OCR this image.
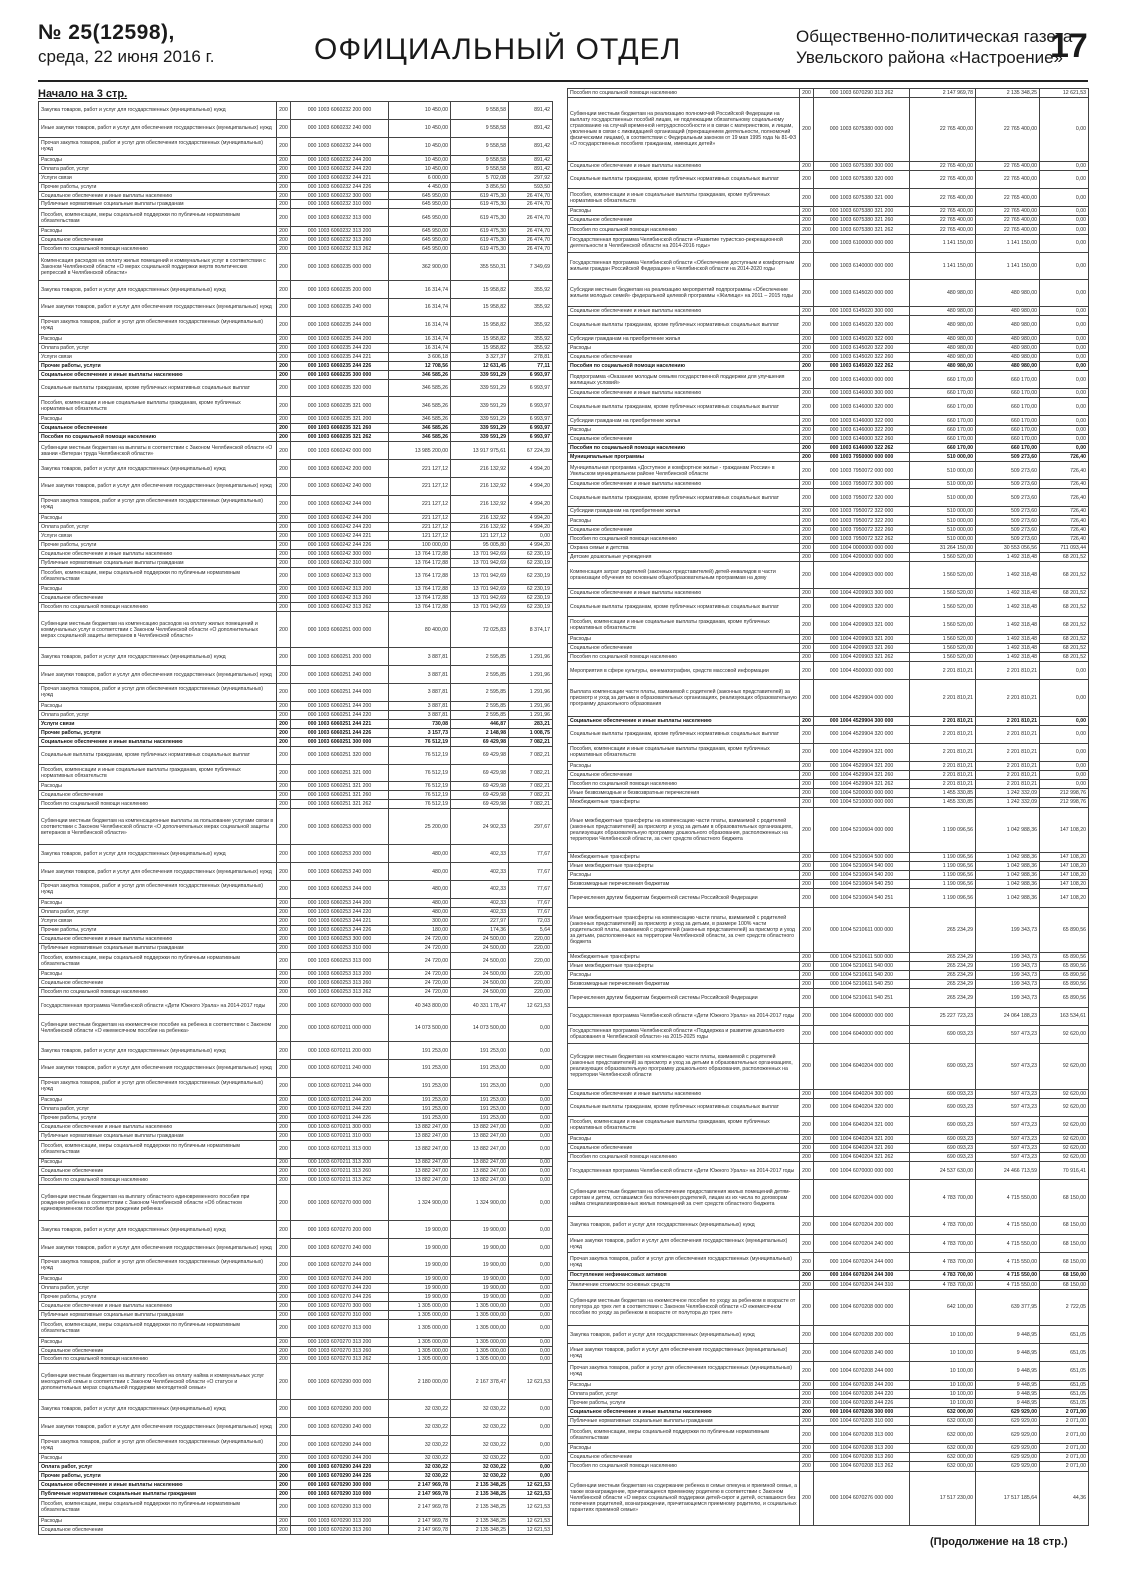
№ 25(12598),
среда, 22 июня 2016 г.	ОФИЦИАЛЬНЫЙ ОТДЕЛ	Общественно-политическая газета
Увельского района «Настроение»
17
Начало на 3 стр.
Закупка товаров, работ и услуг для государственных (муниципальных) нужд	200	000 1003 6060232 200 000	10 450,00	9 558,58	891,42
Иные закупки товаров, работ и услуг для обеспечения государственных (муниципальных) нужд	200	000 1003 6060232 240 000	10 450,00	9 558,58	891,42
Прочая закупка товаров, работ и услуг для обеспечения государственных (муниципальных) нужд	200	000 1003 6060232 244 000	10 450,00	9 558,58	891,42
Расходы	200	000 1003 6060232 244 200	10 450,00	9 558,58	891,42
Оплата работ, услуг	200	000 1003 6060232 244 220	10 450,00	9 558,58	891,42
Услуги связи	200	000 1003 6060232 244 221	6 000,00	5 702,08	297,92
Прочие работы, услуги	200	000 1003 6060232 244 226	4 450,00	3 856,50	593,50
Социальное обеспечение и иные выплаты населению	200	000 1003 6060232 300 000	645 950,00	619 475,30	26 474,70
Публичные нормативные социальные выплаты гражданам	200	000 1003 6060232 310 000	645 950,00	619 475,30	26 474,70
Пособия, компенсации, меры социальной поддержки по публичным нормативным обязательствам	200	000 1003 6060232 313 000	645 950,00	619 475,30	26 474,70
Расходы	200	000 1003 6060232 313 200	645 950,00	619 475,30	26 474,70
Социальное обеспечение	200	000 1003 6060232 313 260	645 950,00	619 475,30	26 474,70
Пособия по социальной помощи населению	200	000 1003 6060232 313 262	645 950,00	619 475,30	26 474,70
Компенсация расходов на оплату жилых помещений и коммунальных услуг в соответствии с Законом Челябинской области «О мерах социальной поддержки жертв политических репрессий в Челябинской области»	200	000 1003 6060235 000 000	362 900,00	355 550,31	7 349,69
Закупка товаров, работ и услуг для государственных (муниципальных) нужд	200	000 1003 6060235 200 000	16 314,74	15 958,82	355,92
Иные закупки товаров, работ и услуг для обеспечения государственных (муниципальных) нужд	200	000 1003 6060235 240 000	16 314,74	15 958,82	355,92
Прочая закупка товаров, работ и услуг для обеспечения государственных (муниципальных) нужд	200	000 1003 6060235 244 000	16 314,74	15 958,82	355,92
Расходы	200	000 1003 6060235 244 200	16 314,74	15 958,82	355,92
Оплата работ, услуг	200	000 1003 6060235 244 220	16 314,74	15 958,82	355,92
Услуги связи	200	000 1003 6060235 244 221	3 606,18	3 327,37	278,81
Прочие работы, услуги	200	000 1003 6060235 244 226	12 708,56	12 631,45	77,11
Социальное обеспечение и иные выплаты населению	200	000 1003 6060235 300 000	346 585,26	339 591,29	6 993,97
Социальные выплаты гражданам, кроме публичных нормативных социальных выплат	200	000 1003 6060235 320 000	346 585,26	339 591,29	6 993,97
Пособия, компенсации и иные социальные выплаты гражданам, кроме публичных нормативных обязательств	200	000 1003 6060235 321 000	346 585,26	339 591,29	6 993,97
Расходы	200	000 1003 6060235 321 200	346 585,26	339 591,29	6 993,97
Социальное обеспечение	200	000 1003 6060235 321 260	346 585,26	339 591,29	6 993,97
Пособия по социальной помощи населению	200	000 1003 6060235 321 262	346 585,26	339 591,29	6 993,97
Субвенции местным бюджетам на выплаты в соответствии с Законом Челябинской области «О звании «Ветеран труда Челябинской области»	200	000 1003 6060242 000 000	13 985 200,00	13 917 975,61	67 224,39
Закупка товаров, работ и услуг для государственных (муниципальных) нужд	200	000 1003 6060242 200 000	221 127,12	216 132,92	4 994,20
Иные закупки товаров, работ и услуг для обеспечения государственных (муниципальных) нужд	200	000 1003 6060242 240 000	221 127,12	216 132,92	4 994,20
Прочая закупка товаров, работ и услуг для обеспечения государственных (муниципальных) нужд	200	000 1003 6060242 244 000	221 127,12	216 132,92	4 994,20
Расходы	200	000 1003 6060242 244 200	221 127,12	216 132,92	4 994,20
Оплата работ, услуг	200	000 1003 6060242 244 220	221 127,12	216 132,92	4 994,20
Услуги связи	200	000 1003 6060242 244 221	121 127,12	121 127,12	0,00
Прочие работы, услуги	200	000 1003 6060242 244 226	100 000,00	95 005,80	4 994,20
Социальное обеспечение и иные выплаты населению	200	000 1003 6060242 300 000	13 764 172,88	13 701 942,69	62 230,19
Публичные нормативные социальные выплаты гражданам	200	000 1003 6060242 310 000	13 764 172,88	13 701 942,69	62 230,19
Пособия, компенсации, меры социальной поддержки по публичным нормативным обязательствам	200	000 1003 6060242 313 000	13 764 172,88	13 701 942,69	62 230,19
Расходы	200	000 1003 6060242 313 200	13 764 172,88	13 701 942,69	62 230,19
Социальное обеспечение	200	000 1003 6060242 313 260	13 764 172,88	13 701 942,69	62 230,19
Пособия по социальной помощи населению	200	000 1003 6060242 313 262	13 764 172,88	13 701 942,69	62 230,19
Субвенции местным бюджетам на компенсацию расходов на оплату жилых помещений и коммунальных услуг в соответствии с Законом Челябинской области «О дополнительных мерах социальной защиты ветеранов в Челябинской области»	200	000 1003 6060251 000 000	80 400,00	72 025,83	8 374,17
Закупка товаров, работ и услуг для государственных (муниципальных) нужд	200	000 1003 6060251 200 000	3 887,81	2 595,85	1 291,96
Иные закупки товаров, работ и услуг для обеспечения государственных (муниципальных) нужд	200	000 1003 6060251 240 000	3 887,81	2 595,85	1 291,96
Прочая закупка товаров, работ и услуг для обеспечения государственных (муниципальных) нужд	200	000 1003 6060251 244 000	3 887,81	2 595,85	1 291,96
Расходы	200	000 1003 6060251 244 200	3 887,81	2 595,85	1 291,96
Оплата работ, услуг	200	000 1003 6060251 244 220	3 887,81	2 595,85	1 291,96
Услуги связи	200	000 1003 6060251 244 221	730,08	446,87	283,21
Прочие работы, услуги	200	000 1003 6060251 244 226	3 157,73	2 148,98	1 008,75
Социальное обеспечение и иные выплаты населению	200	000 1003 6060251 300 000	76 512,19	69 429,98	7 082,21
Социальные выплаты гражданам, кроме публичных нормативных социальных выплат	200	000 1003 6060251 320 000	76 512,19	69 429,98	7 082,21
Пособия, компенсации и иные социальные выплаты гражданам, кроме публичных нормативных обязательств	200	000 1003 6060251 321 000	76 512,19	69 429,98	7 082,21
Расходы	200	000 1003 6060251 321 200	76 512,19	69 429,98	7 082,21
Социальное обеспечение	200	000 1003 6060251 321 260	76 512,19	69 429,98	7 082,21
Пособия по социальной помощи населению	200	000 1003 6060251 321 262	76 512,19	69 429,98	7 082,21
Субвенции местным бюджетам на компенсационные выплаты за пользование услугами связи в соответствии с Законом Челябинской области «О дополнительных мерах социальной защиты ветеранов в Челябинской области»	200	000 1003 6060253 000 000	25 200,00	24 902,33	297,67
Закупка товаров, работ и услуг для государственных (муниципальных) нужд	200	000 1003 6060253 200 000	480,00	402,33	77,67
Иные закупки товаров, работ и услуг для обеспечения государственных (муниципальных) нужд	200	000 1003 6060253 240 000	480,00	402,33	77,67
Прочая закупка товаров, работ и услуг для обеспечения государственных (муниципальных) нужд	200	000 1003 6060253 244 000	480,00	402,33	77,67
Расходы	200	000 1003 6060253 244 200	480,00	402,33	77,67
Оплата работ, услуг	200	000 1003 6060253 244 220	480,00	402,33	77,67
Услуги связи	200	000 1003 6060253 244 221	300,00	227,97	72,03
Прочие работы, услуги	200	000 1003 6060253 244 226	180,00	174,36	5,64
Социальное обеспечение и иные выплаты населению	200	000 1003 6060253 300 000	24 720,00	24 500,00	220,00
Публичные нормативные социальные выплаты гражданам	200	000 1003 6060253 310 000	24 720,00	24 500,00	220,00
Пособия, компенсации, меры социальной поддержки по публичным нормативным обязательствам	200	000 1003 6060253 313 000	24 720,00	24 500,00	220,00
Расходы	200	000 1003 6060253 313 200	24 720,00	24 500,00	220,00
Социальное обеспечение	200	000 1003 6060253 313 260	24 720,00	24 500,00	220,00
Пособия по социальной помощи населению	200	000 1003 6060253 313 262	24 720,00	24 500,00	220,00
Государственная программа Челябинской области «Дети Южного Урала» на 2014-2017 годы	200	000 1003 6070000 000 000	40 343 800,00	40 331 178,47	12 621,53
Субвенции местным бюджетам на ежемесячное пособие на ребенка в соответствии с Законом Челябинской области «О ежемесячном пособии на ребенка»	200	000 1003 6070211 000 000	14 073 500,00	14 073 500,00	0,00
Закупка товаров, работ и услуг для государственных (муниципальных) нужд	200	000 1003 6070211 200 000	191 253,00	191 253,00	0,00
Иные закупки товаров, работ и услуг для обеспечения государственных (муниципальных) нужд	200	000 1003 6070211 240 000	191 253,00	191 253,00	0,00
Прочая закупка товаров, работ и услуг для обеспечения государственных (муниципальных) нужд	200	000 1003 6070211 244 000	191 253,00	191 253,00	0,00
Расходы	200	000 1003 6070211 244 200	191 253,00	191 253,00	0,00
Оплата работ, услуг	200	000 1003 6070211 244 220	191 253,00	191 253,00	0,00
Прочие работы, услуги	200	000 1003 6070211 244 226	191 253,00	191 253,00	0,00
Социальное обеспечение и иные выплаты населению	200	000 1003 6070211 300 000	13 882 247,00	13 882 247,00	0,00
Публичные нормативные социальные выплаты гражданам	200	000 1003 6070211 310 000	13 882 247,00	13 882 247,00	0,00
Пособия, компенсации, меры социальной поддержки по публичным нормативным обязательствам	200	000 1003 6070211 313 000	13 882 247,00	13 882 247,00	0,00
Расходы	200	000 1003 6070211 313 200	13 882 247,00	13 882 247,00	0,00
Социальное обеспечение	200	000 1003 6070211 313 260	13 882 247,00	13 882 247,00	0,00
Пособия по социальной помощи населению	200	000 1003 6070211 313 262	13 882 247,00	13 882 247,00	0,00
Субвенции местным бюджетам на выплату областного единовременного пособия при рождении ребенка в соответствии с Законом Челябинской области «Об областном единовременном пособии при рождении ребенка»	200	000 1003 6070270 000 000	1 324 900,00	1 324 900,00	0,00
Закупка товаров, работ и услуг для государственных (муниципальных) нужд	200	000 1003 6070270 200 000	19 900,00	19 900,00	0,00
Иные закупки товаров, работ и услуг для обеспечения государственных (муниципальных) нужд	200	000 1003 6070270 240 000	19 900,00	19 900,00	0,00
Прочая закупка товаров, работ и услуг для обеспечения государственных (муниципальных) нужд	200	000 1003 6070270 244 000	19 900,00	19 900,00	0,00
Расходы	200	000 1003 6070270 244 200	19 900,00	19 900,00	0,00
Оплата работ, услуг	200	000 1003 6070270 244 220	19 900,00	19 900,00	0,00
Прочие работы, услуги	200	000 1003 6070270 244 226	19 900,00	19 900,00	0,00
Социальное обеспечение и иные выплаты населению	200	000 1003 6070270 300 000	1 305 000,00	1 305 000,00	0,00
Публичные нормативные социальные выплаты гражданам	200	000 1003 6070270 310 000	1 305 000,00	1 305 000,00	0,00
Пособия, компенсации, меры социальной поддержки по публичным нормативным обязательствам	200	000 1003 6070270 313 000	1 305 000,00	1 305 000,00	0,00
Расходы	200	000 1003 6070270 313 200	1 305 000,00	1 305 000,00	0,00
Социальное обеспечение	200	000 1003 6070270 313 260	1 305 000,00	1 305 000,00	0,00
Пособия по социальной помощи населению	200	000 1003 6070270 313 262	1 305 000,00	1 305 000,00	0,00
Субвенции местным бюджетам на выплату пособия на оплату найма и коммунальных услуг многодетной семье в соответствии с Законом Челябинской области «О статусе и дополнительных мерах социальной поддержки многодетной семьи»	200	000 1003 6070290 000 000	2 180 000,00	2 167 378,47	12 621,53
Закупка товаров, работ и услуг для государственных (муниципальных) нужд	200	000 1003 6070290 200 000	32 030,22	32 030,22	0,00
Иные закупки товаров, работ и услуг для обеспечения государственных (муниципальных) нужд	200	000 1003 6070290 240 000	32 030,22	32 030,22	0,00
Прочая закупка товаров, работ и услуг для обеспечения государственных (муниципальных) нужд	200	000 1003 6070290 244 000	32 030,22	32 030,22	0,00
Расходы	200	000 1003 6070290 244 200	32 030,22	32 030,22	0,00
Оплата работ, услуг	200	000 1003 6070290 244 220	32 030,22	32 030,22	0,00
Прочие работы, услуги	200	000 1003 6070290 244 226	32 030,22	32 030,22	0,00
Социальное обеспечение и иные выплаты населению	200	000 1003 6070290 300 000	2 147 969,78	2 135 348,25	12 621,53
Публичные нормативные социальные выплаты гражданам	200	000 1003 6070290 310 000	2 147 969,78	2 135 348,25	12 621,53
Пособия, компенсации, меры социальной поддержки по публичным нормативным обязательствам	200	000 1003 6070290 313 000	2 147 969,78	2 135 348,25	12 621,53
Расходы	200	000 1003 6070290 313 200	2 147 969,78	2 135 348,25	12 621,53
Социальное обеспечение	200	000 1003 6070290 313 260	2 147 969,78	2 135 348,25	12 621,53
Пособия по социальной помощи населению	200	000 1003 6070290 313 262	2 147 969,78	2 135 348,25	12 621,53
Субвенции местным бюджетам на реализацию полномочий Российской Федерации на выплату государственных пособий лицам, не подлежащим обязательному социальному страхованию на случай временной нетрудоспособности и в связи с материнством, и лицам, уволенным в связи с ликвидацией организаций (прекращением деятельности, полномочий физическими лицами), в соответствии с Федеральным законом от 19 мая 1995 года № 81-ФЗ «О государственных пособиях гражданам, имеющих детей»	200	000 1003 6075380 000 000	22 765 400,00	22 765 400,00	0,00
Социальное обеспечение и иные выплаты населению	200	000 1003 6075380 300 000	22 765 400,00	22 765 400,00	0,00
Социальные выплаты гражданам, кроме публичных нормативных социальных выплат	200	000 1003 6075380 320 000	22 765 400,00	22 765 400,00	0,00
Пособия, компенсации и иные социальные выплаты гражданам, кроме публичных нормативных обязательств	200	000 1003 6075380 321 000	22 765 400,00	22 765 400,00	0,00
Расходы	200	000 1003 6075380 321 200	22 765 400,00	22 765 400,00	0,00
Социальное обеспечение	200	000 1003 6075380 321 260	22 765 400,00	22 765 400,00	0,00
Пособия по социальной помощи населению	200	000 1003 6075380 321 262	22 765 400,00	22 765 400,00	0,00
Государственная программа Челябинской области «Развитие туристско-рекреационной деятельности в Челябинской области на 2014-2016 годы»	200	000 1003 6100000 000 000	1 141 150,00	1 141 150,00	0,00
Государственная программа Челябинской области «Обеспечение доступным и комфортным жильем граждан Российской Федерации» в Челябинской области на 2014-2020 годы	200	000 1003 6140000 000 000	1 141 150,00	1 141 150,00	0,00
Субсидии местным бюджетам на реализацию мероприятий подпрограммы «Обеспечение жильем молодых семей» федеральной целевой программы «Жилище» на 2011 – 2015 годы	200	000 1003 6145020 000 000	480 980,00	480 980,00	0,00
Социальное обеспечение и иные выплаты населению	200	000 1003 6145020 300 000	480 980,00	480 980,00	0,00
Социальные выплаты гражданам, кроме публичных нормативных социальных выплат	200	000 1003 6145020 320 000	480 980,00	480 980,00	0,00
Субсидии гражданам на приобретение жилья	200	000 1003 6145020 322 000	480 980,00	480 980,00	0,00
Расходы	200	000 1003 6145020 322 200	480 980,00	480 980,00	0,00
Социальное обеспечение	200	000 1003 6145020 322 260	480 980,00	480 980,00	0,00
Пособия по социальной помощи населению	200	000 1003 6145020 322 262	480 980,00	480 980,00	0,00
Подпрограмма «Оказание молодым семьям государственной поддержки для улучшения жилищных условий»	200	000 1003 6146000 000 000	660 170,00	660 170,00	0,00
Социальное обеспечение и иные выплаты населению	200	000 1003 6146000 300 000	660 170,00	660 170,00	0,00
Социальные выплаты гражданам, кроме публичных нормативных социальных выплат	200	000 1003 6146000 320 000	660 170,00	660 170,00	0,00
Субсидии гражданам на приобретение жилья	200	000 1003 6146000 322 000	660 170,00	660 170,00	0,00
Расходы	200	000 1003 6146000 322 200	660 170,00	660 170,00	0,00
Социальное обеспечение	200	000 1003 6146000 322 260	660 170,00	660 170,00	0,00
Пособия по социальной помощи населению	200	000 1003 6146000 322 262	660 170,00	660 170,00	0,00
Муниципальные программы	200	000 1003 7950000 000 000	510 000,00	509 273,60	726,40
Муниципальная программа «Доступное и комфортное жилье - гражданам России» в Увельском муниципальном районе Челябинской области	200	000 1003 7950072 000 000	510 000,00	509 273,60	726,40
Социальное обеспечение и иные выплаты населению	200	000 1003 7950072 300 000	510 000,00	509 273,60	726,40
Социальные выплаты гражданам, кроме публичных нормативных социальных выплат	200	000 1003 7950072 320 000	510 000,00	509 273,60	726,40
Субсидии гражданам на приобретение жилья	200	000 1003 7950072 322 000	510 000,00	509 273,60	726,40
Расходы	200	000 1003 7950072 322 200	510 000,00	509 273,60	726,40
Социальное обеспечение	200	000 1003 7950072 322 260	510 000,00	509 273,60	726,40
Пособия по социальной помощи населению	200	000 1003 7950072 322 262	510 000,00	509 273,60	726,40
Охрана семьи и детства	200	000 1004 0000000 000 000	31 264 150,00	30 553 056,56	711 093,44
Детские дошкольные учреждения	200	000 1004 4200000 000 000	1 560 520,00	1 492 318,48	68 201,52
Компенсация затрат родителей (законных представителей) детей-инвалидов в части организации обучения по основным общеобразовательным программам на дому	200	000 1004 4209903 000 000	1 560 520,00	1 492 318,48	68 201,52
Социальное обеспечение и иные выплаты населению	200	000 1004 4209903 300 000	1 560 520,00	1 492 318,48	68 201,52
Социальные выплаты гражданам, кроме публичных нормативных социальных выплат	200	000 1004 4209903 320 000	1 560 520,00	1 492 318,48	68 201,52
Пособия, компенсации и иные социальные выплаты гражданам, кроме публичных нормативных обязательств	200	000 1004 4209903 321 000	1 560 520,00	1 492 318,48	68 201,52
Расходы	200	000 1004 4209903 321 200	1 560 520,00	1 492 318,48	68 201,52
Социальное обеспечение	200	000 1004 4209903 321 260	1 560 520,00	1 492 318,48	68 201,52
Пособия по социальной помощи населению	200	000 1004 4209903 321 262	1 560 520,00	1 492 318,48	68 201,52
Мероприятия в сфере культуры, кинематографии, средств массовой информации	200	000 1004 4500000 000 000	2 201 810,21	2 201 810,21	0,00
Выплата компенсации части платы, взимаемой с родителей (законных представителей) за присмотр и уход за детьми в образовательных организациях, реализующих образовательную программу дошкольного образования	200	000 1004 4529904 000 000	2 201 810,21	2 201 810,21	0,00
Социальное обеспечение и иные выплаты населению	200	000 1004 4529904 300 000	2 201 810,21	2 201 810,21	0,00
Социальные выплаты гражданам, кроме публичных нормативных социальных выплат	200	000 1004 4529904 320 000	2 201 810,21	2 201 810,21	0,00
Пособия, компенсации и иные социальные выплаты гражданам, кроме публичных нормативных обязательств	200	000 1004 4529904 321 000	2 201 810,21	2 201 810,21	0,00
Расходы	200	000 1004 4529904 321 200	2 201 810,21	2 201 810,21	0,00
Социальное обеспечение	200	000 1004 4529904 321 260	2 201 810,21	2 201 810,21	0,00
Пособия по социальной помощи населению	200	000 1004 4529904 321 262	2 201 810,21	2 201 810,21	0,00
Иные безвозмездные и безвозвратные перечисления	200	000 1004 5200000 000 000	1 455 330,85	1 242 332,09	212 998,76
Межбюджетные трансферты	200	000 1004 5210000 000 000	1 455 330,85	1 242 332,09	212 998,76
Иные межбюджетные трансферты на компенсацию части платы, взимаемой с родителей (законных представителей) за присмотр и уход за детьми в образовательных организациях, реализующих образовательную программу дошкольного образования, расположенных на территории Челябинской области, за счет средств областного бюджета	200	000 1004 5210604 000 000	1 190 096,56	1 042 988,36	147 108,20
Межбюджетные трансферты	200	000 1004 5210604 500 000	1 190 096,56	1 042 988,36	147 108,20
Иные межбюджетные трансферты	200	000 1004 5210604 540 000	1 190 096,56	1 042 988,36	147 108,20
Расходы	200	000 1004 5210604 540 200	1 190 096,56	1 042 988,36	147 108,20
Безвозмездные перечисления бюджетам	200	000 1004 5210604 540 250	1 190 096,56	1 042 988,36	147 108,20
Перечисления другим бюджетам бюджетной системы Российской Федерации	200	000 1004 5210604 540 251	1 190 096,56	1 042 988,36	147 108,20
Иные межбюджетные трансферты на компенсацию части платы, взимаемой с родителей (законных представителей) за присмотр и уход за детьми, в размере 100% части родительской платы, взимаемой с родителей (законных представителей) за присмотр и уход за детьми, расположенных на территории Челябинской области, за счет средств областного бюджета	200	000 1004 5210611 000 000	265 234,29	199 343,73	65 890,56
Межбюджетные трансферты	200	000 1004 5210611 500 000	265 234,29	199 343,73	65 890,56
Иные межбюджетные трансферты	200	000 1004 5210611 540 000	265 234,29	199 343,73	65 890,56
Расходы	200	000 1004 5210611 540 200	265 234,29	199 343,73	65 890,56
Безвозмездные перечисления бюджетам	200	000 1004 5210611 540 250	265 234,29	199 343,73	65 890,56
Перечисления другим бюджетам бюджетной системы Российской Федерации	200	000 1004 5210611 540 251	265 234,29	199 343,73	65 890,56
Государственная программа Челябинской области «Дети Южного Урала» на 2014-2017 годы	200	000 1004 6000000 000 000	25 227 723,23	24 064 188,23	163 534,61
Государственная программа Челябинской области «Поддержка и развитие дошкольного образования в Челябинской области» на 2015-2025 годы	200	000 1004 6040000 000 000	690 093,23	597 473,23	92 620,00
Субсидии местным бюджетам на компенсацию части платы, взимаемой с родителей (законных представителей) за присмотр и уход за детьми в образовательных организациях, реализующих образовательную программу дошкольного образования, расположенных на территории Челябинской области	200	000 1004 6040204 000 000	690 093,23	597 473,23	92 620,00
Социальное обеспечение и иные выплаты населению	200	000 1004 6040204 300 000	690 093,23	597 473,23	92 620,00
Социальные выплаты гражданам, кроме публичных нормативных социальных выплат	200	000 1004 6040204 320 000	690 093,23	597 473,23	92 620,00
Пособия, компенсации и иные социальные выплаты гражданам, кроме публичных нормативных обязательств	200	000 1004 6040204 321 000	690 093,23	597 473,23	92 620,00
Расходы	200	000 1004 6040204 321 200	690 093,23	597 473,23	92 620,00
Социальное обеспечение	200	000 1004 6040204 321 260	690 093,23	597 473,23	92 620,00
Пособия по социальной помощи населению	200	000 1004 6040204 321 262	690 093,23	597 473,23	92 620,00
Государственная программа Челябинской области «Дети Южного Урала» на 2014-2017 годы	200	000 1004 6070000 000 000	24 537 630,00	24 466 713,59	70 916,41
Субвенции местным бюджетам на обеспечение предоставления жилых помещений детям-сиротам и детям, оставшимся без попечения родителей, лицам из их числа по договорам найма специализированных жилых помещений за счет средств областного бюджета	200	000 1004 6070204 000 000	4 783 700,00	4 715 550,00	68 150,00
Закупка товаров, работ и услуг для государственных (муниципальных) нужд	200	000 1004 6070204 200 000	4 783 700,00	4 715 550,00	68 150,00
Иные закупки товаров, работ и услуг для обеспечения государственных (муниципальных) нужд	200	000 1004 6070204 240 000	4 783 700,00	4 715 550,00	68 150,00
Прочая закупка товаров, работ и услуг для обеспечения государственных (муниципальных) нужд	200	000 1004 6070204 244 000	4 783 700,00	4 715 550,00	68 150,00
Поступление нефинансовых активов	200	000 1004 6070204 244 300	4 783 700,00	4 715 550,00	68 150,00
Увеличение стоимости основных средств	200	000 1004 6070204 244 310	4 783 700,00	4 715 550,00	68 150,00
Субвенции местным бюджетам на ежемесячное пособие по уходу за ребенком в возрасте от полутора до трех лет в соответствии с Законом Челябинской области «О ежемесячном пособии по уходу за ребенком в возрасте от полутора до трех лет»	200	000 1004 6070208 000 000	642 100,00	639 377,95	2 722,05
Закупка товаров, работ и услуг для государственных (муниципальных) нужд	200	000 1004 6070208 200 000	10 100,00	9 448,95	651,05
Иные закупки товаров, работ и услуг для обеспечения государственных (муниципальных) нужд	200	000 1004 6070208 240 000	10 100,00	9 448,95	651,05
Прочая закупка товаров, работ и услуг для обеспечения государственных (муниципальных) нужд	200	000 1004 6070208 244 000	10 100,00	9 448,95	651,05
Расходы	200	000 1004 6070208 244 200	10 100,00	9 448,95	651,05
Оплата работ, услуг	200	000 1004 6070208 244 220	10 100,00	9 448,95	651,05
Прочие работы, услуги	200	000 1004 6070208 244 226	10 100,00	9 448,95	651,05
Социальное обеспечение и иные выплаты населению	200	000 1004 6070208 300 000	632 000,00	629 929,00	2 071,00
Публичные нормативные социальные выплаты гражданам	200	000 1004 6070208 310 000	632 000,00	629 929,00	2 071,00
Пособия, компенсации, меры социальной поддержки по публичным нормативным обязательствам	200	000 1004 6070208 313 000	632 000,00	629 929,00	2 071,00
Расходы	200	000 1004 6070208 313 200	632 000,00	629 929,00	2 071,00
Социальное обеспечение	200	000 1004 6070208 313 260	632 000,00	629 929,00	2 071,00
Пособия по социальной помощи населению	200	000 1004 6070208 313 262	632 000,00	629 929,00	2 071,00
Субвенции местным бюджетам на содержание ребенка в семье опекуна и приемной семье, а также вознаграждение, причитающееся приемному родителю в соответствии с Законом Челябинской области «О мерах социальной поддержки детей-сирот и детей, оставшихся без попечения родителей, вознаграждении, причитающемся приемному родителю, и социальных гарантиях приемной семье»	200	000 1004 6070276 000 000	17 517 230,00	17 517 185,64	44,36
(Продолжение на 18 стр.)
